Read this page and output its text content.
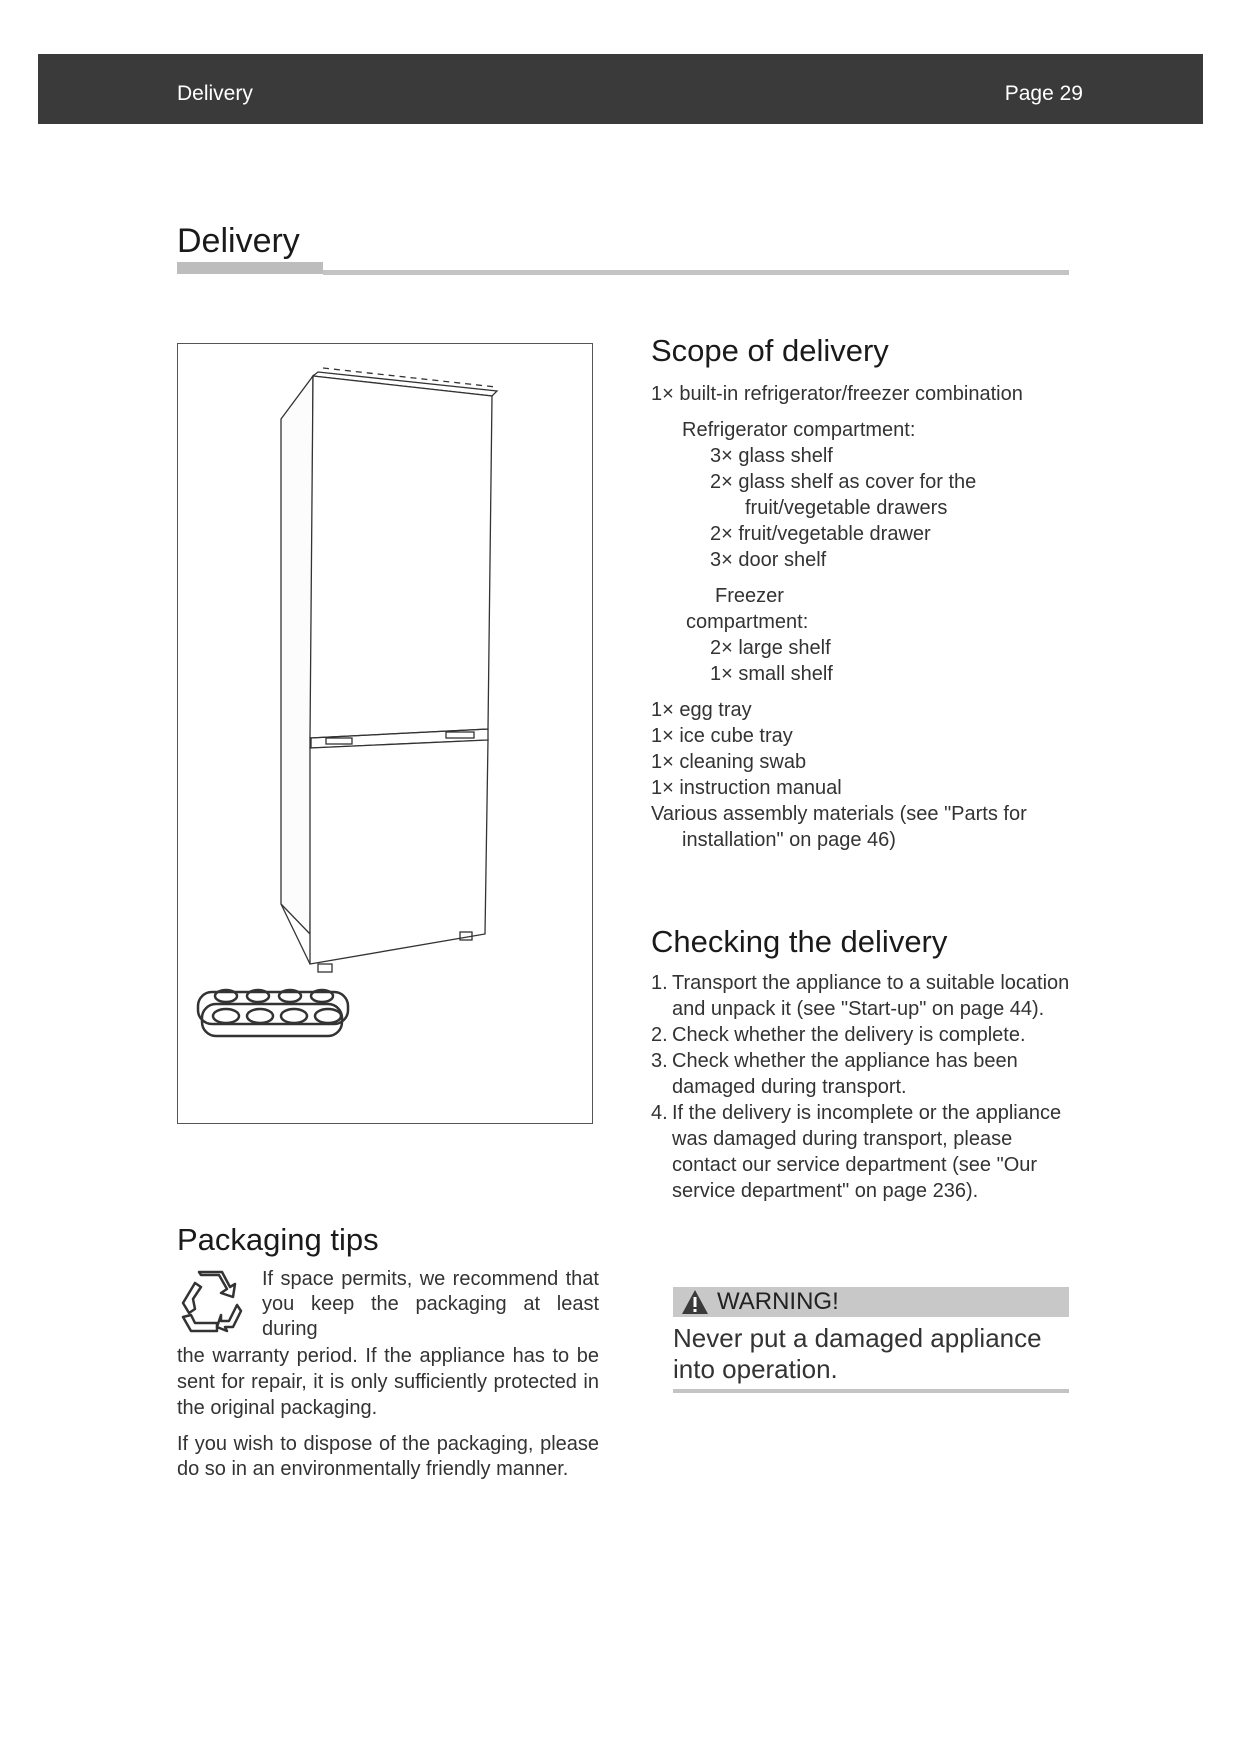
Delivery	Page 29
Delivery
Scope of delivery
1× built-in refrigerator/freezer combination
Refrigerator compartment:
3× glass shelf
2× glass shelf as cover for the
fruit/vegetable drawers
2× fruit/vegetable drawer
3× door shelf
Freezer
compartment:
2× large shelf
1× small shelf
1× egg tray
1× ice cube tray
1× cleaning swab
1× instruction manual
Various assembly materials (see "Parts for
installation" on page 46)
Checking the delivery
1. Transport the appliance to a suitable location and unpack it (see "Start-up" on page 44).
2. Check whether the delivery is complete.
3. Check whether the appliance has been damaged during transport.
4. If the delivery is incomplete or the appliance was damaged during transport, please contact our service department (see "Our service department" on page 236).
WARNING!
Never put a damaged appliance into operation.
Packaging tips
If space permits, we recommend that you keep the packaging at least during
the warranty period. If the appliance has to be sent for repair, it is only sufficiently protected in the original packaging.
If you wish to dispose of the packaging, please do so in an environmentally friendly manner.
